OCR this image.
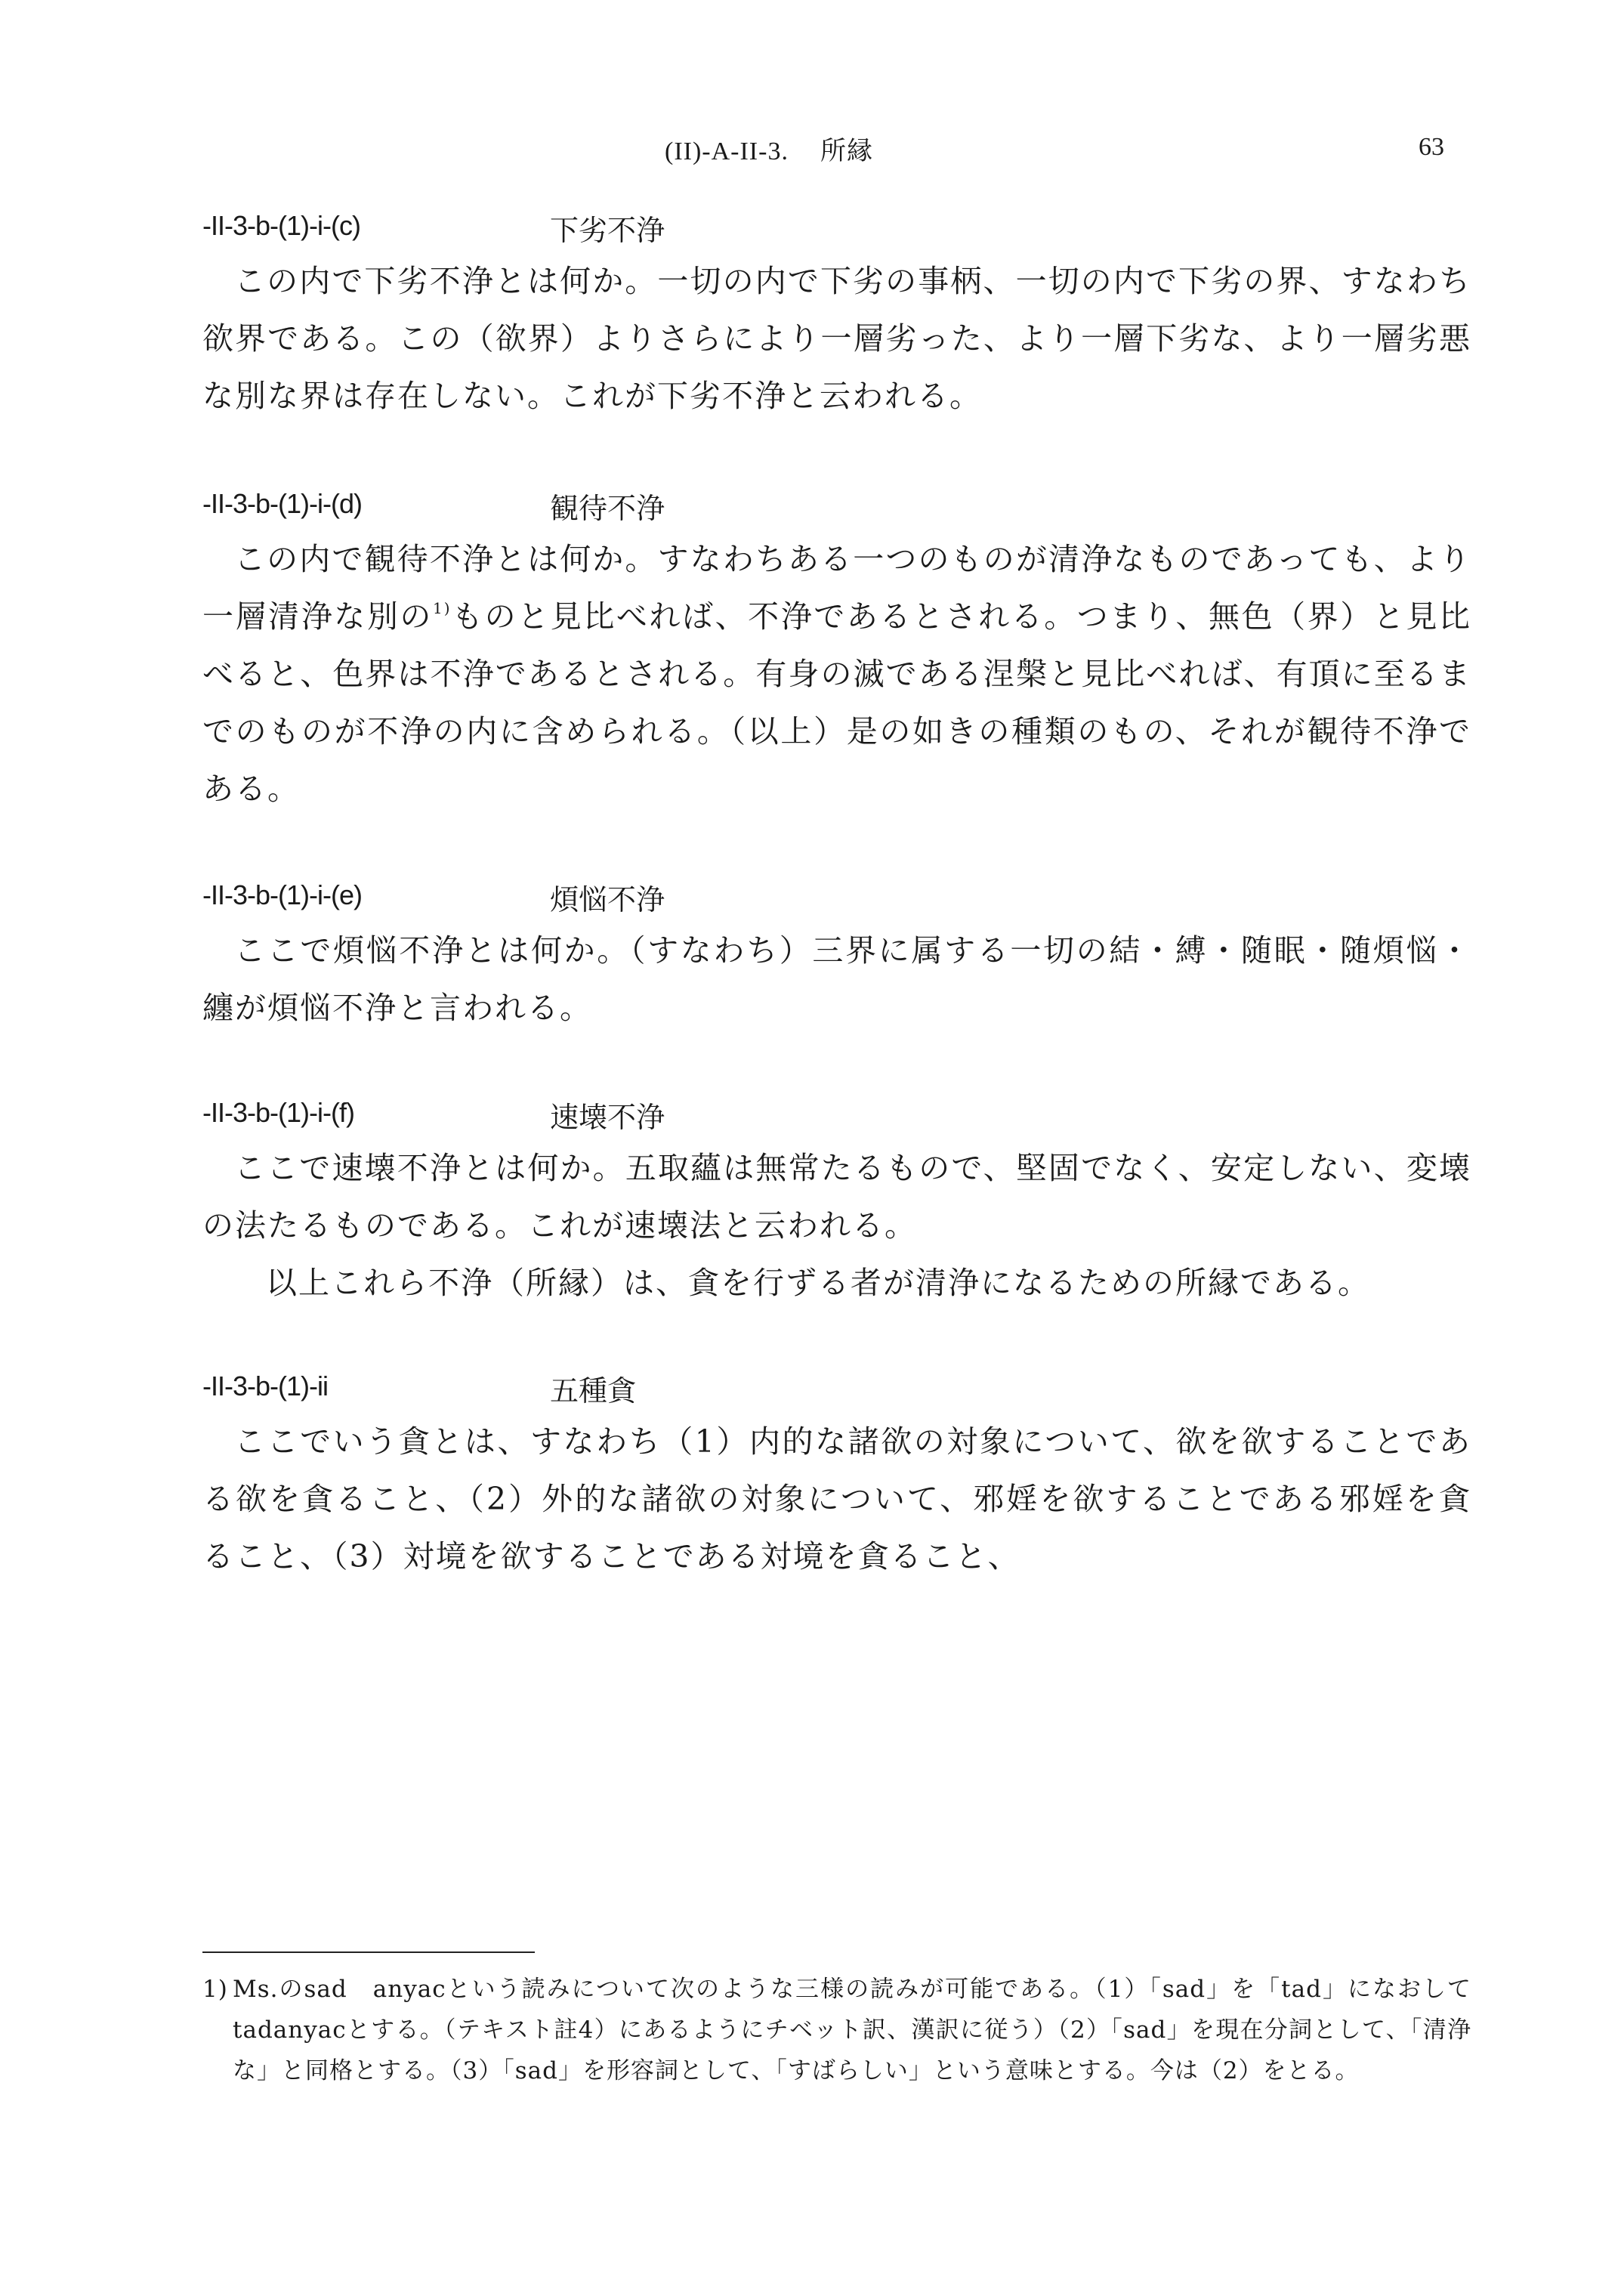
(II)-A-II-3. 所縁	63
-II-3-b-(1)-i-(c)	下劣不浄

この内で下劣不浄とは何か。一切の内で下劣の事柄、一切の内で下劣の界、すなわち欲界である。この（欲界）よりさらにより一層劣った、より一層下劣な、より一層劣悪な別な界は存在しない。これが下劣不浄と云われる。

-II-3-b-(1)-i-(d)	観待不浄

この内で観待不浄とは何か。すなわちある一つのものが清浄なものであっても、より一層清浄な別の$^{1)}$ものと見比べれば、不浄であるとされる。つまり、無色（界）と見比べると、色界は不浄であるとされる。有身の滅である涅槃と見比べれば、有頂に至るまでのものが不浄の内に含められる。（以上）是の如きの種類のもの、それが観待不浄である。

-II-3-b-(1)-i-(e)	煩悩不浄

ここで煩悩不浄とは何か。（すなわち）三界に属する一切の結・縛・随眠・随煩悩・纏が煩悩不浄と言われる。

-II-3-b-(1)-i-(f)	速壊不浄

ここで速壊不浄とは何か。五取蘊は無常たるもので、堅固でなく、安定しない、変壊の法たるものである。これが速壊法と云われる。

以上これら不浄（所縁）は、貪を行ずる者が清浄になるための所縁である。

-II-3-b-(1)-ii	五種貪

ここでいう貪とは、すなわち（1）内的な諸欲の対象について、欲を欲することである欲を貪ること、（2）外的な諸欲の対象について、邪婬を欲することである邪婬を貪ること、（3）対境を欲することである対境を貪ること、

1) Ms.のsad　anyacという読みについて次のような三様の読みが可能である。（1）「sad」を「tad」になおしてtadanyacとする。（テキスト註4）にあるようにチベット訳、漢訳に従う）（2）「sad」を現在分詞として、「清浄な」と同格とする。（3）「sad」を形容詞として、「すばらしい」という意味とする。今は（2）をとる。
